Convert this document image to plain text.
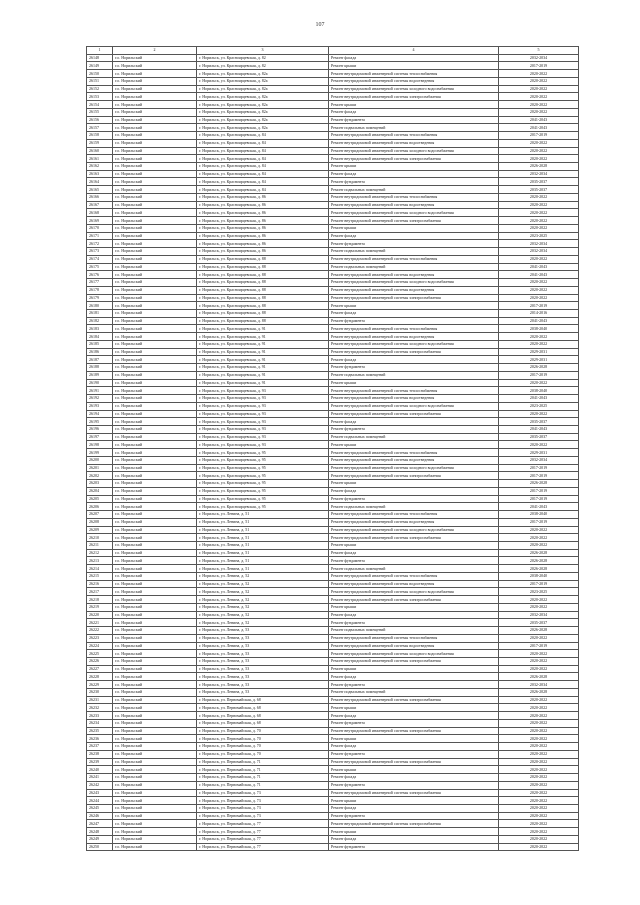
107
1	2	3	4	5
26148	г.о. Норильский	г. Норильск, ул. Красноярцевская, д. 82	Ремонт фасада	2032-2034
26149	г.о. Норильский	г. Норильск, ул. Красноярцевская, д. 82	Ремонт крыши	2017-2019
26150	г.о. Норильский	г. Норильск, ул. Красноярцевская, д. 82а	Ремонт внутридомовой инженерной системы теплоснабжения	2020-2022
26151	г.о. Норильский	г. Норильск, ул. Красноярцевская, д. 82а	Ремонт внутридомовой инженерной системы водоотведения	2020-2022
26152	г.о. Норильский	г. Норильск, ул. Красноярцевская, д. 82а	Ремонт внутридомовой инженерной системы холодного водоснабжения	2020-2022
26153	г.о. Норильский	г. Норильск, ул. Красноярцевская, д. 82а	Ремонт внутридомовой инженерной системы электроснабжения	2020-2022
26154	г.о. Норильский	г. Норильск, ул. Красноярцевская, д. 82а	Ремонт крыши	2020-2022
26155	г.о. Норильский	г. Норильск, ул. Красноярцевская, д. 82а	Ремонт фасада	2020-2022
26156	г.о. Норильский	г. Норильск, ул. Красноярцевская, д. 82а	Ремонт фундамента	2041-2043
26157	г.о. Норильский	г. Норильск, ул. Красноярцевская, д. 82а	Ремонт подвальных помещений	2041-2043
26158	г.о. Норильский	г. Норильск, ул. Красноярцевская, д. 84	Ремонт внутридомовой инженерной системы теплоснабжения	2017-2019
26159	г.о. Норильский	г. Норильск, ул. Красноярцевская, д. 84	Ремонт внутридомовой инженерной системы водоотведения	2020-2022
26160	г.о. Норильский	г. Норильск, ул. Красноярцевская, д. 84	Ремонт внутридомовой инженерной системы холодного водоснабжения	2020-2022
26161	г.о. Норильский	г. Норильск, ул. Красноярцевская, д. 84	Ремонт внутридомовой инженерной системы электроснабжения	2020-2022
26162	г.о. Норильский	г. Норильск, ул. Красноярцевская, д. 84	Ремонт крыши	2026-2028
26163	г.о. Норильский	г. Норильск, ул. Красноярцевская, д. 84	Ремонт фасада	2032-2034
26164	г.о. Норильский	г. Норильск, ул. Красноярцевская, д. 84	Ремонт фундамента	2035-2037
26165	г.о. Норильский	г. Норильск, ул. Красноярцевская, д. 84	Ремонт подвальных помещений	2035-2037
26166	г.о. Норильский	г. Норильск, ул. Красноярцевская, д. 86	Ремонт внутридомовой инженерной системы теплоснабжения	2020-2022
26167	г.о. Норильский	г. Норильск, ул. Красноярцевская, д. 86	Ремонт внутридомовой инженерной системы водоотведения	2020-2022
26168	г.о. Норильский	г. Норильск, ул. Красноярцевская, д. 86	Ремонт внутридомовой инженерной системы холодного водоснабжения	2020-2022
26169	г.о. Норильский	г. Норильск, ул. Красноярцевская, д. 86	Ремонт внутридомовой инженерной системы электроснабжения	2020-2022
26170	г.о. Норильский	г. Норильск, ул. Красноярцевская, д. 86	Ремонт крыши	2020-2022
26171	г.о. Норильский	г. Норильск, ул. Красноярцевская, д. 86	Ремонт фасада	2023-2025
26172	г.о. Норильский	г. Норильск, ул. Красноярцевская, д. 86	Ремонт фундамента	2032-2034
26173	г.о. Норильский	г. Норильск, ул. Красноярцевская, д. 86	Ремонт подвальных помещений	2032-2034
26174	г.о. Норильский	г. Норильск, ул. Красноярцевская, д. 88	Ремонт внутридомовой инженерной системы теплоснабжения	2020-2022
26175	г.о. Норильский	г. Норильск, ул. Красноярцевская, д. 88	Ремонт подвальных помещений	2041-2043
26176	г.о. Норильский	г. Норильск, ул. Красноярцевская, д. 88	Ремонт внутридомовой инженерной системы водоотведения	2041-2043
26177	г.о. Норильский	г. Норильск, ул. Красноярцевская, д. 88	Ремонт внутридомовой инженерной системы холодного водоснабжения	2020-2022
26178	г.о. Норильский	г. Норильск, ул. Красноярцевская, д. 88	Ремонт внутридомовой инженерной системы водоотведения	2020-2022
26179	г.о. Норильский	г. Норильск, ул. Красноярцевская, д. 88	Ремонт внутридомовой инженерной системы электроснабжения	2020-2022
26180	г.о. Норильский	г. Норильск, ул. Красноярцевская, д. 88	Ремонт крыши	2017-2019
26181	г.о. Норильский	г. Норильск, ул. Красноярцевская, д. 88	Ремонт фасада	2014-2016
26182	г.о. Норильский	г. Норильск, ул. Красноярцевская, д. 88	Ремонт фундамента	2041-2043
26183	г.о. Норильский	г. Норильск, ул. Красноярцевская, д. 91	Ремонт внутридомовой инженерной системы теплоснабжения	2038-2040
26184	г.о. Норильский	г. Норильск, ул. Красноярцевская, д. 91	Ремонт внутридомовой инженерной системы водоотведения	2020-2022
26185	г.о. Норильский	г. Норильск, ул. Красноярцевская, д. 91	Ремонт внутридомовой инженерной системы холодного водоснабжения	2020-2022
26186	г.о. Норильский	г. Норильск, ул. Красноярцевская, д. 91	Ремонт внутридомовой инженерной системы электроснабжения	2029-2031
26187	г.о. Норильский	г. Норильск, ул. Красноярцевская, д. 91	Ремонт фасада	2029-2031
26188	г.о. Норильский	г. Норильск, ул. Красноярцевская, д. 91	Ремонт фундамента	2026-2028
26189	г.о. Норильский	г. Норильск, ул. Красноярцевская, д. 91	Ремонт подвальных помещений	2017-2019
26190	г.о. Норильский	г. Норильск, ул. Красноярцевская, д. 91	Ремонт крыши	2020-2022
26191	г.о. Норильский	г. Норильск, ул. Красноярцевская, д. 93	Ремонт внутридомовой инженерной системы теплоснабжения	2038-2040
26192	г.о. Норильский	г. Норильск, ул. Красноярцевская, д. 93	Ремонт внутридомовой инженерной системы водоотведения	2041-2043
26193	г.о. Норильский	г. Норильск, ул. Красноярцевская, д. 93	Ремонт внутридомовой инженерной системы холодного водоснабжения	2023-2025
26194	г.о. Норильский	г. Норильск, ул. Красноярцевская, д. 93	Ремонт внутридомовой инженерной системы электроснабжения	2020-2022
26195	г.о. Норильский	г. Норильск, ул. Красноярцевская, д. 93	Ремонт фасада	2035-2037
26196	г.о. Норильский	г. Норильск, ул. Красноярцевская, д. 93	Ремонт фундамента	2041-2043
26197	г.о. Норильский	г. Норильск, ул. Красноярцевская, д. 93	Ремонт подвальных помещений	2035-2037
26198	г.о. Норильский	г. Норильск, ул. Красноярцевская, д. 93	Ремонт крыши	2020-2022
26199	г.о. Норильский	г. Норильск, ул. Красноярцевская, д. 95	Ремонт внутридомовой инженерной системы теплоснабжения	2029-2031
26200	г.о. Норильский	г. Норильск, ул. Красноярцевская, д. 95	Ремонт внутридомовой инженерной системы водоотведения	2032-2034
26201	г.о. Норильский	г. Норильск, ул. Красноярцевская, д. 95	Ремонт внутридомовой инженерной системы холодного водоснабжения	2017-2019
26202	г.о. Норильский	г. Норильск, ул. Красноярцевская, д. 95	Ремонт внутридомовой инженерной системы электроснабжения	2017-2019
26203	г.о. Норильский	г. Норильск, ул. Красноярцевская, д. 95	Ремонт крыши	2026-2028
26204	г.о. Норильский	г. Норильск, ул. Красноярцевская, д. 95	Ремонт фасада	2017-2019
26205	г.о. Норильский	г. Норильск, ул. Красноярцевская, д. 95	Ремонт фундамента	2017-2019
26206	г.о. Норильский	г. Норильск, ул. Красноярцевская, д. 95	Ремонт подвальных помещений	2041-2043
26207	г.о. Норильский	г. Норильск, ул. Ленина, д. 51	Ремонт внутридомовой инженерной системы теплоснабжения	2038-2040
26208	г.о. Норильский	г. Норильск, ул. Ленина, д. 51	Ремонт внутридомовой инженерной системы водоотведения	2017-2019
26209	г.о. Норильский	г. Норильск, ул. Ленина, д. 51	Ремонт внутридомовой инженерной системы холодного водоснабжения	2020-2022
26210	г.о. Норильский	г. Норильск, ул. Ленина, д. 51	Ремонт внутридомовой инженерной системы электроснабжения	2020-2022
26211	г.о. Норильский	г. Норильск, ул. Ленина, д. 51	Ремонт крыши	2020-2022
26212	г.о. Норильский	г. Норильск, ул. Ленина, д. 51	Ремонт фасада	2026-2028
26213	г.о. Норильский	г. Норильск, ул. Ленина, д. 51	Ремонт фундамента	2026-2028
26214	г.о. Норильский	г. Норильск, ул. Ленина, д. 51	Ремонт подвальных помещений	2026-2028
26215	г.о. Норильский	г. Норильск, ул. Ленина, д. 52	Ремонт внутридомовой инженерной системы теплоснабжения	2038-2040
26216	г.о. Норильский	г. Норильск, ул. Ленина, д. 52	Ремонт внутридомовой инженерной системы водоотведения	2017-2019
26217	г.о. Норильский	г. Норильск, ул. Ленина, д. 52	Ремонт внутридомовой инженерной системы холодного водоснабжения	2023-2025
26218	г.о. Норильский	г. Норильск, ул. Ленина, д. 52	Ремонт внутридомовой инженерной системы электроснабжения	2020-2022
26219	г.о. Норильский	г. Норильск, ул. Ленина, д. 52	Ремонт крыши	2020-2022
26220	г.о. Норильский	г. Норильск, ул. Ленина, д. 52	Ремонт фасада	2032-2034
26221	г.о. Норильский	г. Норильск, ул. Ленина, д. 52	Ремонт фундамента	2035-2037
26222	г.о. Норильский	г. Норильск, ул. Ленина, д. 53	Ремонт подвальных помещений	2026-2028
26223	г.о. Норильский	г. Норильск, ул. Ленина, д. 53	Ремонт внутридомовой инженерной системы теплоснабжения	2020-2022
26224	г.о. Норильский	г. Норильск, ул. Ленина, д. 53	Ремонт внутридомовой инженерной системы водоотведения	2017-2019
26225	г.о. Норильский	г. Норильск, ул. Ленина, д. 53	Ремонт внутридомовой инженерной системы холодного водоснабжения	2020-2022
26226	г.о. Норильский	г. Норильск, ул. Ленина, д. 53	Ремонт внутридомовой инженерной системы электроснабжения	2020-2022
26227	г.о. Норильский	г. Норильск, ул. Ленина, д. 53	Ремонт крыши	2020-2022
26228	г.о. Норильский	г. Норильск, ул. Ленина, д. 53	Ремонт фасада	2026-2028
26229	г.о. Норильский	г. Норильск, ул. Ленина, д. 53	Ремонт фундамента	2032-2034
26230	г.о. Норильский	г. Норильск, ул. Ленина, д. 53	Ремонт подвальных помещений	2026-2028
26231	г.о. Норильский	г. Норильск, ул. Первомайская, д. 68	Ремонт внутридомовой инженерной системы электроснабжения	2020-2022
26232	г.о. Норильский	г. Норильск, ул. Первомайская, д. 68	Ремонт крыши	2020-2022
26233	г.о. Норильский	г. Норильск, ул. Первомайская, д. 68	Ремонт фасада	2020-2022
26234	г.о. Норильский	г. Норильск, ул. Первомайская, д. 68	Ремонт фундамента	2020-2022
26235	г.о. Норильский	г. Норильск, ул. Первомайская, д. 70	Ремонт внутридомовой инженерной системы электроснабжения	2020-2022
26236	г.о. Норильский	г. Норильск, ул. Первомайская, д. 70	Ремонт крыши	2020-2022
26237	г.о. Норильский	г. Норильск, ул. Первомайская, д. 70	Ремонт фасада	2020-2022
26238	г.о. Норильский	г. Норильск, ул. Первомайская, д. 70	Ремонт фундамента	2020-2022
26239	г.о. Норильский	г. Норильск, ул. Первомайская, д. 71	Ремонт внутридомовой инженерной системы электроснабжения	2020-2022
26240	г.о. Норильский	г. Норильск, ул. Первомайская, д. 71	Ремонт крыши	2020-2022
26241	г.о. Норильский	г. Норильск, ул. Первомайская, д. 71	Ремонт фасада	2020-2022
26242	г.о. Норильский	г. Норильск, ул. Первомайская, д. 71	Ремонт фундамента	2020-2022
26243	г.о. Норильский	г. Норильск, ул. Первомайская, д. 73	Ремонт внутридомовой инженерной системы электроснабжения	2020-2022
26244	г.о. Норильский	г. Норильск, ул. Первомайская, д. 73	Ремонт крыши	2020-2022
26245	г.о. Норильский	г. Норильск, ул. Первомайская, д. 73	Ремонт фасада	2020-2022
26246	г.о. Норильский	г. Норильск, ул. Первомайская, д. 73	Ремонт фундамента	2020-2022
26247	г.о. Норильский	г. Норильск, ул. Первомайская, д. 77	Ремонт внутридомовой инженерной системы электроснабжения	2020-2022
26248	г.о. Норильский	г. Норильск, ул. Первомайская, д. 77	Ремонт крыши	2020-2022
26249	г.о. Норильский	г. Норильск, ул. Первомайская, д. 77	Ремонт фасада	2020-2022
26250	г.о. Норильский	г. Норильск, ул. Первомайская, д. 77	Ремонт фундамента	2020-2022
